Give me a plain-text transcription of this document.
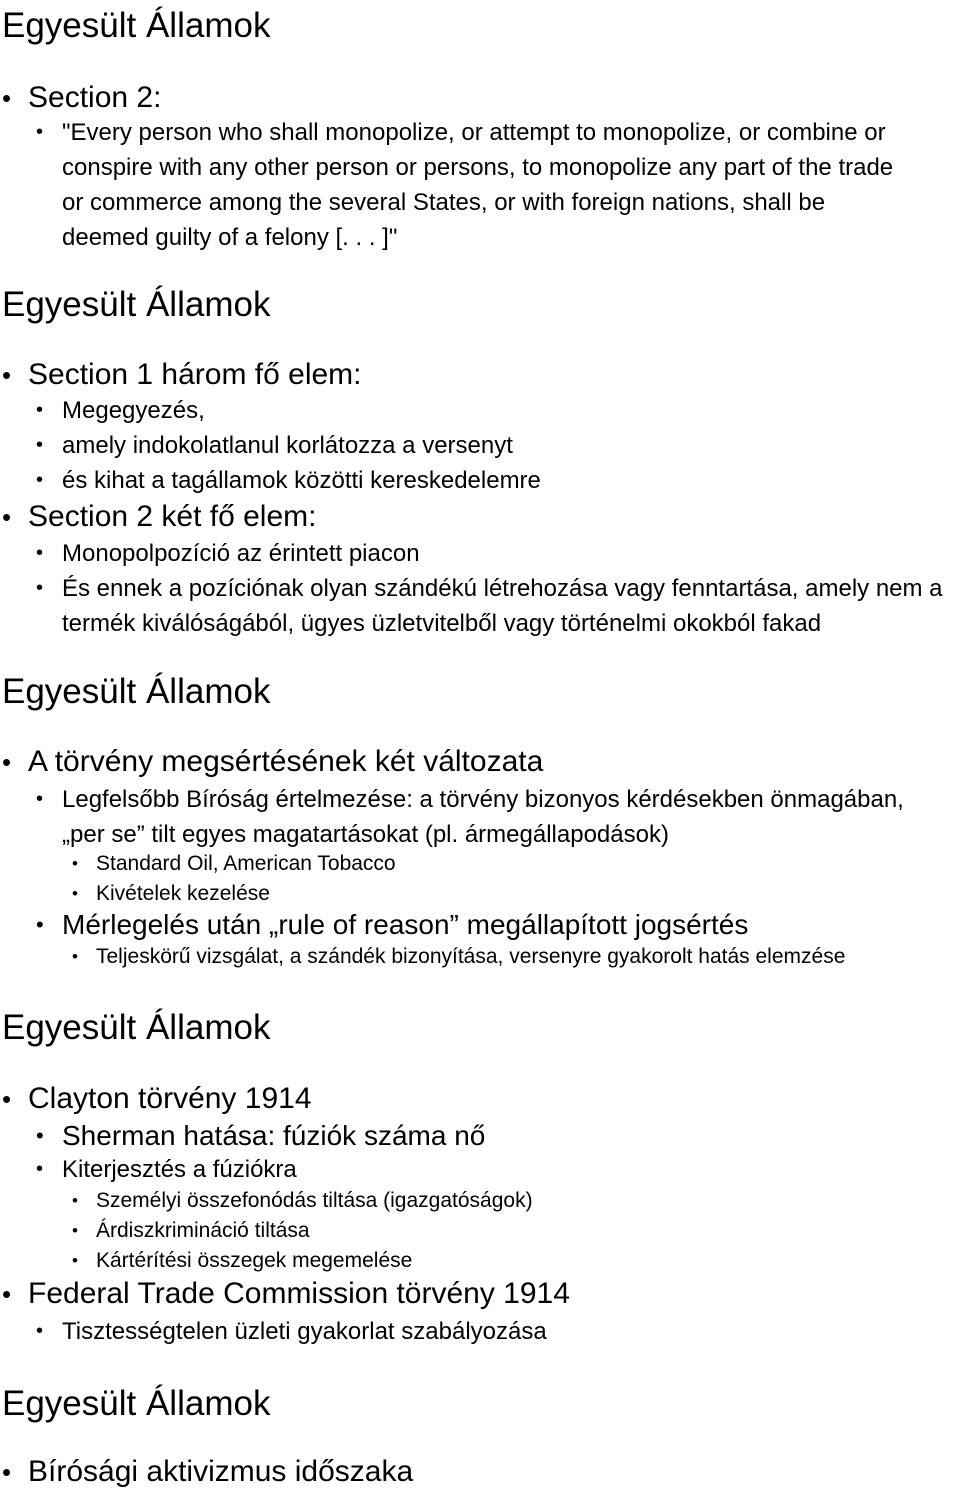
Egyesült Államok
• Section 2:
• "Every person who shall monopolize, or attempt to monopolize, or combine or conspire with any other person or persons, to monopolize any part of the trade or commerce among the several States, or with foreign nations, shall be deemed guilty of a felony [. . . ]"
Egyesült Államok
• Section 1 három fő elem:
• Megegyezés,
• amely indokolatlanul korlátozza a versenyt
• és kihat a tagállamok közötti kereskedelemre
• Section 2 két fő elem:
• Monopolpozíció az érintett piacon
• És ennek a pozíciónak olyan szándékú létrehozása vagy fenntartása, amely nem a termék kiválóságából, ügyes üzletvitelből vagy történelmi okokból fakad
Egyesült Államok
• A törvény megsértésének két változata
• Legfelsőbb Bíróság értelmezése: a törvény bizonyos kérdésekben önmagában, „per se” tilt egyes magatartásokat (pl. ármegállapodások)
• Standard Oil, American Tobacco
• Kivételek kezelése
• Mérlegelés után „rule of reason” megállapított jogsértés
• Teljeskörű vizsgálat, a szándék bizonyítása, versenyre gyakorolt hatás elemzése
Egyesült Államok
• Clayton törvény 1914
• Sherman hatása: fúziók száma nő
• Kiterjesztés a fúziókra
• Személyi összefonódás tiltása (igazgatóságok)
• Árdiszkrimináció tiltása
• Kártérítési összegek megemelése
• Federal Trade Commission törvény 1914
• Tisztességtelen üzleti gyakorlat szabályozása
Egyesült Államok
• Bírósági aktivizmus időszaka
